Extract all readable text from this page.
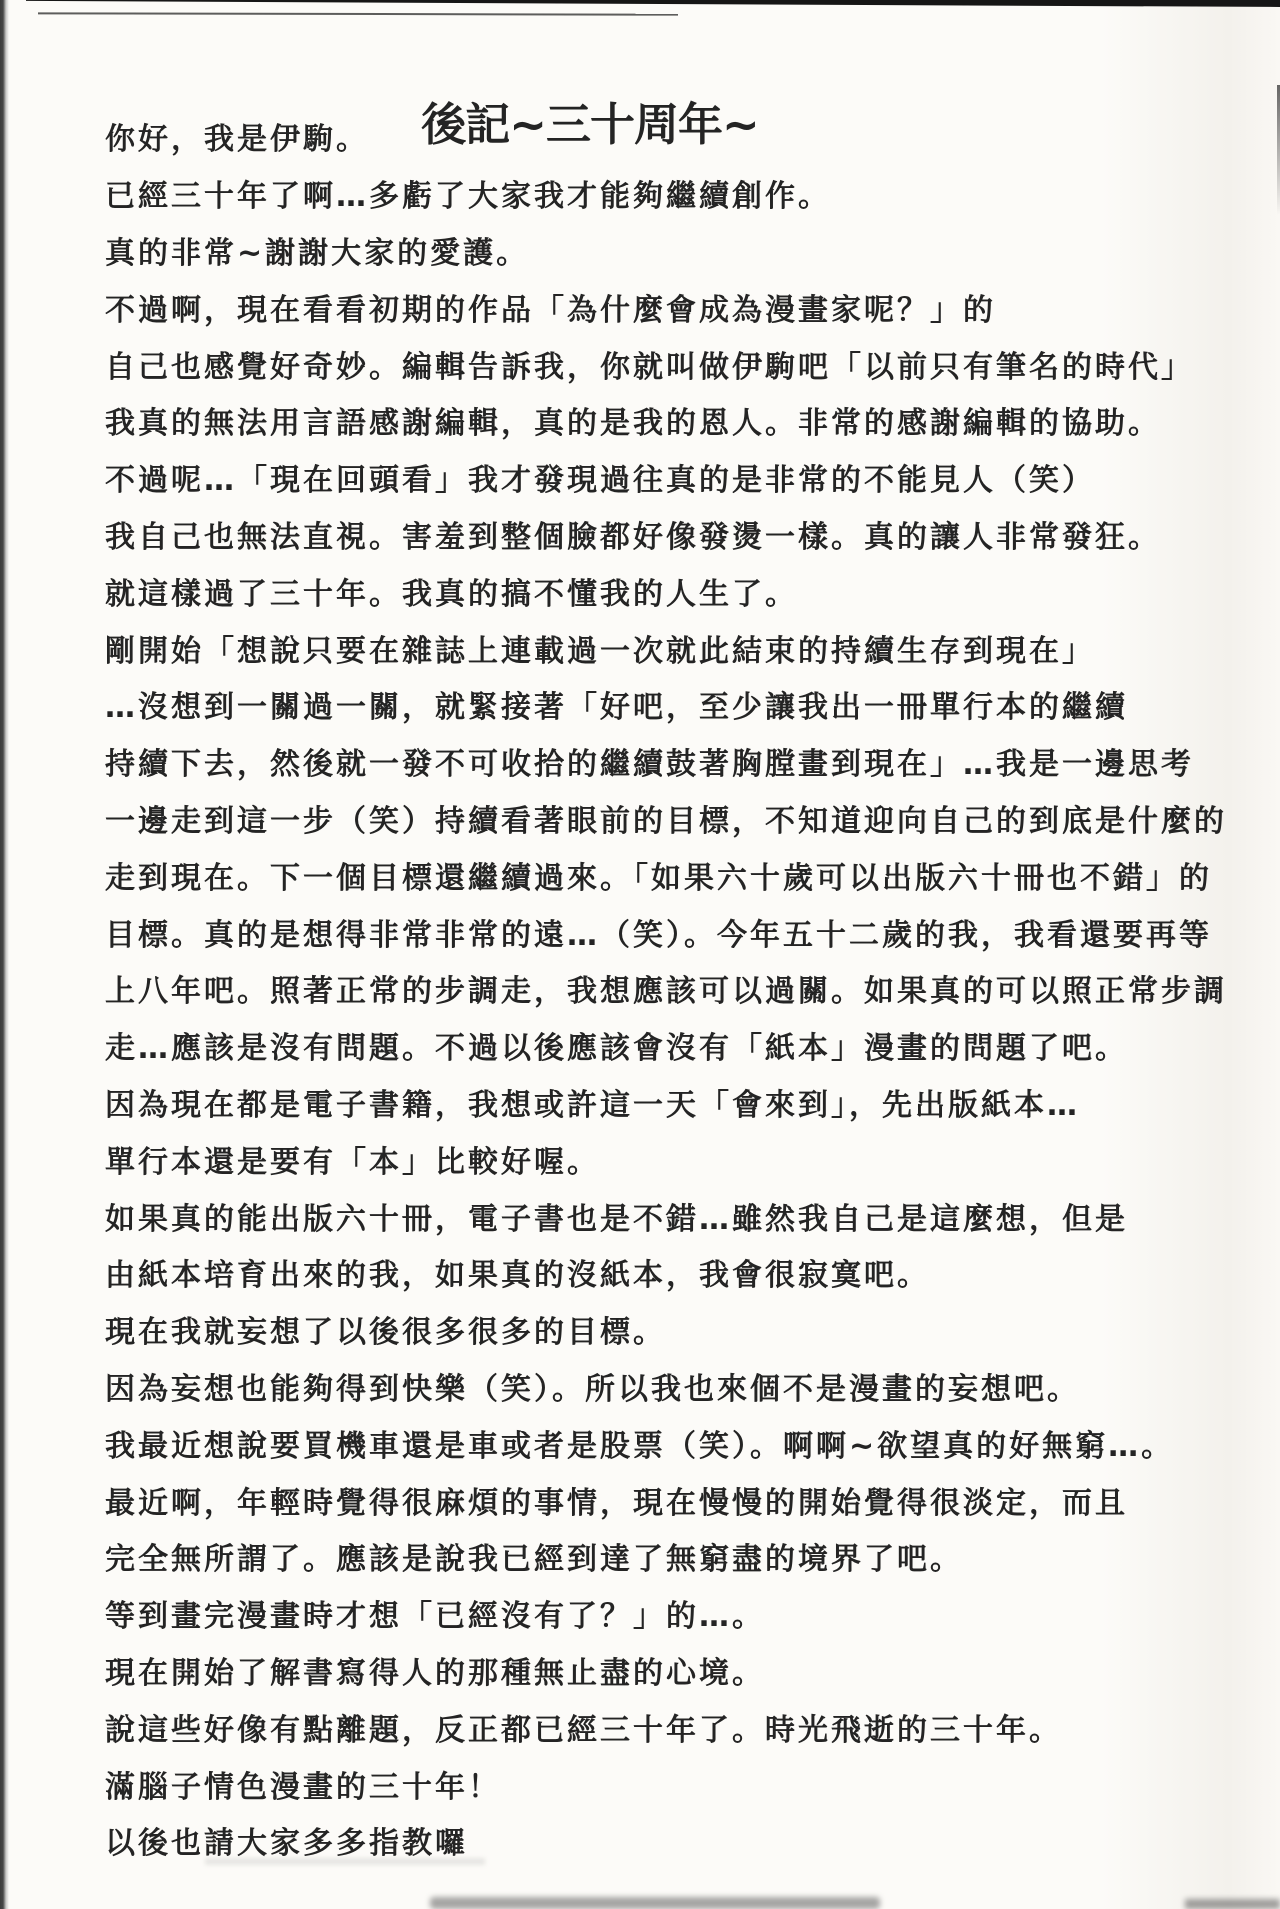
後記~三十周年~
你好，我是伊駒。
已經三十年了啊…多虧了大家我才能夠繼續創作。
真的非常~謝謝大家的愛護。
不過啊，現在看看初期的作品「為什麼會成為漫畫家呢？」的
自己也感覺好奇妙。編輯告訴我，你就叫做伊駒吧「以前只有筆名的時代」
我真的無法用言語感謝編輯，真的是我的恩人。非常的感謝編輯的協助。
不過呢…「現在回頭看」我才發現過往真的是非常的不能見人（笑）
我自己也無法直視。害羞到整個臉都好像發燙一樣。真的讓人非常發狂。
就這樣過了三十年。我真的搞不懂我的人生了。
剛開始「想說只要在雜誌上連載過一次就此結束的持續生存到現在」
…沒想到一關過一關，就緊接著「好吧，至少讓我出一冊單行本的繼續
持續下去，然後就一發不可收拾的繼續鼓著胸膛畫到現在」…我是一邊思考
一邊走到這一步（笑）持續看著眼前的目標，不知道迎向自己的到底是什麼的
走到現在。下一個目標還繼續過來。「如果六十歲可以出版六十冊也不錯」的
目標。真的是想得非常非常的遠…（笑）。今年五十二歲的我，我看還要再等
上八年吧。照著正常的步調走，我想應該可以過關。如果真的可以照正常步調
走…應該是沒有問題。不過以後應該會沒有「紙本」漫畫的問題了吧。
因為現在都是電子書籍，我想或許這一天「會來到」，先出版紙本…
單行本還是要有「本」比較好喔。
如果真的能出版六十冊，電子書也是不錯…雖然我自己是這麼想，但是
由紙本培育出來的我，如果真的沒紙本，我會很寂寞吧。
現在我就妄想了以後很多很多的目標。
因為妄想也能夠得到快樂（笑）。所以我也來個不是漫畫的妄想吧。
我最近想說要買機車還是車或者是股票（笑）。啊啊~欲望真的好無窮…。
最近啊，年輕時覺得很麻煩的事情，現在慢慢的開始覺得很淡定，而且
完全無所謂了。應該是說我已經到達了無窮盡的境界了吧。
等到畫完漫畫時才想「已經沒有了？」的…。
現在開始了解書寫得人的那種無止盡的心境。
說這些好像有點離題，反正都已經三十年了。時光飛逝的三十年。
滿腦子情色漫畫的三十年！
以後也請大家多多指教囉
